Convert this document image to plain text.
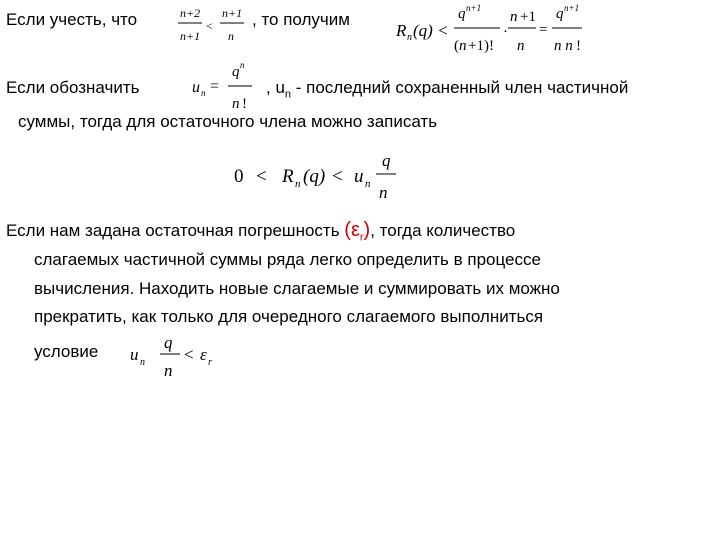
Если учесть, что	n+2
n+1
<
n+1
n
, то получим
R n (q) <
q n+1
( n +1)!
·
n +1
n
=
q n+1
n n !
Если обозначить	u n =
q n
n !
, $u_n$ - последний сохраненный член частичной
суммы, тогда для остаточного члена можно записать
0 < R n (q) < u n
q
n
Если нам задана остаточная погрешность $(\varepsilon_r)$, тогда количество
слагаемых частичной суммы ряда легко определить в процессе
вычисления. Находить новые слагаемые и суммировать их можно
прекратить, как только для очередного слагаемого выполниться
условие u n
q
n
< ε r
